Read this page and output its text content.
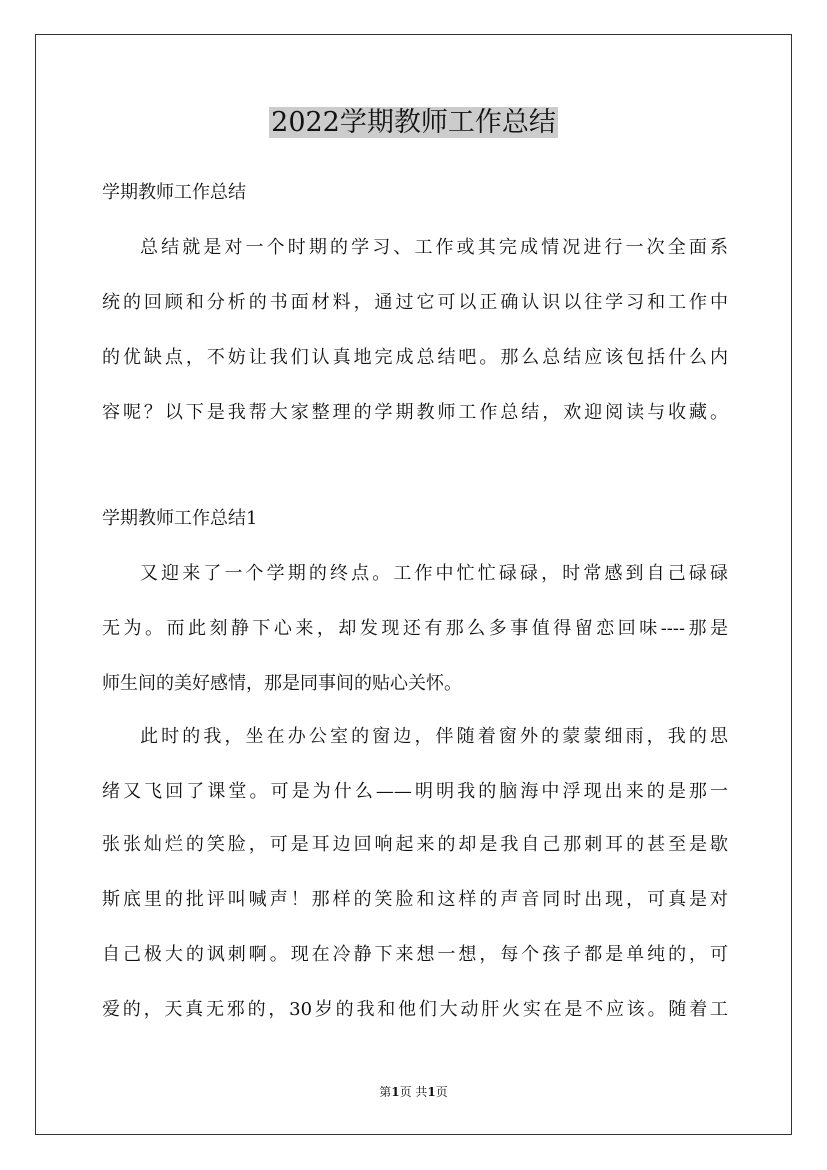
2022学期教师工作总结

学期教师工作总结

总结就是对一个时期的学习、工作或其完成情况进行一次全面系

统的回顾和分析的书面材料，通过它可以正确认识以往学习和工作中

的优缺点，不妨让我们认真地完成总结吧。那么总结应该包括什么内

容呢？以下是我帮大家整理的学期教师工作总结，欢迎阅读与收藏。

学期教师工作总结1

又迎来了一个学期的终点。工作中忙忙碌碌，时常感到自己碌碌

无为。而此刻静下心来，却发现还有那么多事值得留恋回味----那是

师生间的美好感情，那是同事间的贴心关怀。

此时的我，坐在办公室的窗边，伴随着窗外的蒙蒙细雨，我的思

绪又飞回了课堂。可是为什么——明明我的脑海中浮现出来的是那一

张张灿烂的笑脸，可是耳边回响起来的却是我自己那刺耳的甚至是歇

斯底里的批评叫喊声！那样的笑脸和这样的声音同时出现，可真是对

自己极大的讽刺啊。现在冷静下来想一想，每个孩子都是单纯的，可

爱的，天真无邪的，30岁的我和他们大动肝火实在是不应该。随着工

第1页 共1页
